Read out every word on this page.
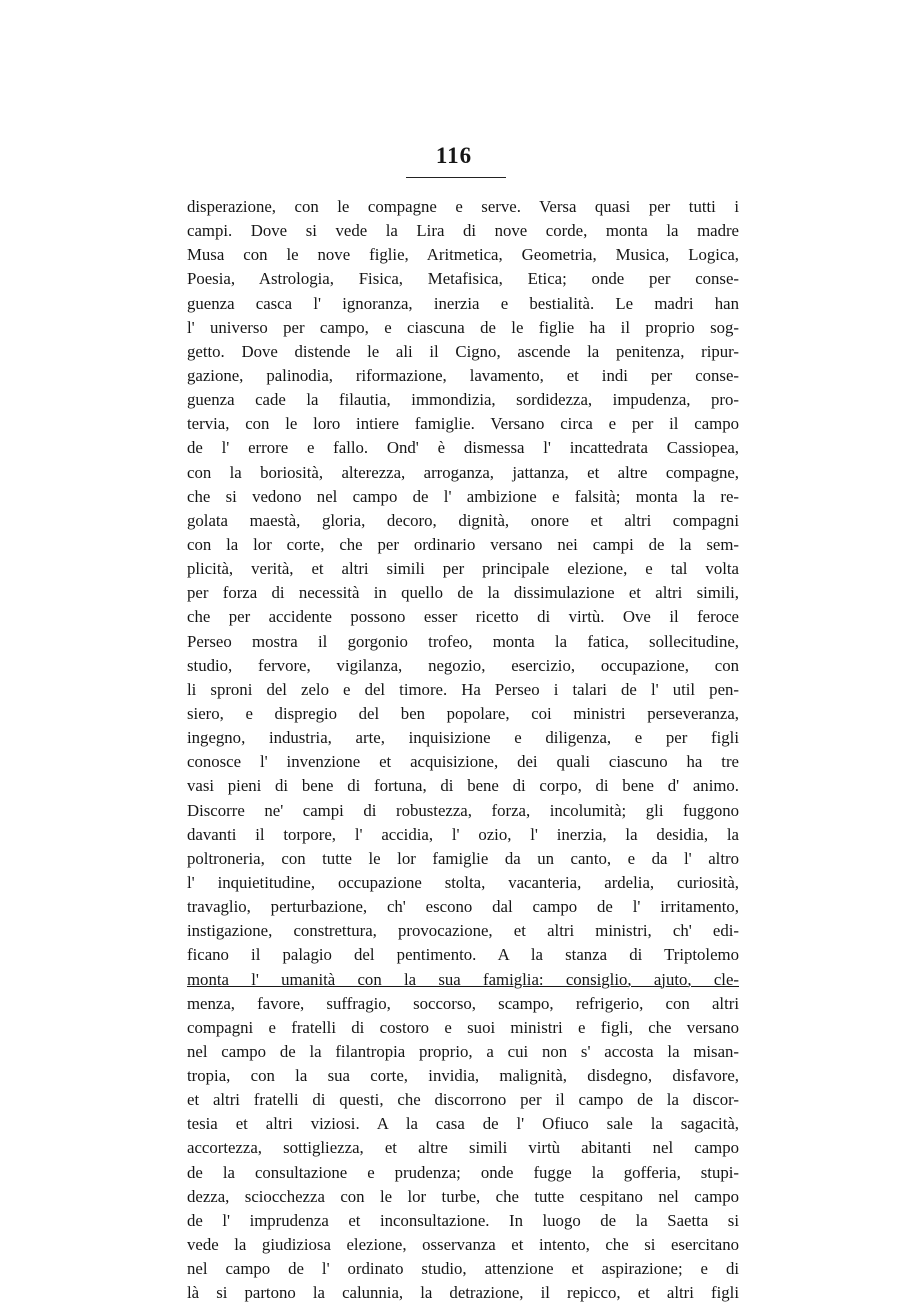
116
disperazione, con le compagne e serve. Versa quasi per tutti i
campi. Dove si vede la Lira di nove corde, monta la madre
Musa con le nove figlie, Aritmetica, Geometria, Musica, Logica,
Poesia, Astrologia, Fisica, Metafisica, Etica; onde per conse-
guenza casca l' ignoranza, inerzia e bestialità. Le madri han
l' universo per campo, e ciascuna de le figlie ha il proprio sog-
getto. Dove distende le ali il Cigno, ascende la penitenza, ripur-
gazione, palinodia, riformazione, lavamento, et indi per conse-
guenza cade la filautia, immondizia, sordidezza, impudenza, pro-
tervia, con le loro intiere famiglie. Versano circa e per il campo
de l' errore e fallo. Ond' è dismessa l' incattedrata Cassiopea,
con la boriosità, alterezza, arroganza, jattanza, et altre compagne,
che si vedono nel campo de l' ambizione e falsità; monta la re-
golata maestà, gloria, decoro, dignità, onore et altri compagni
con la lor corte, che per ordinario versano nei campi de la sem-
plicità, verità, et altri simili per principale elezione, e tal volta
per forza di necessità in quello de la dissimulazione et altri simili,
che per accidente possono esser ricetto di virtù. Ove il feroce
Perseo mostra il gorgonio trofeo, monta la fatica, sollecitudine,
studio, fervore, vigilanza, negozio, esercizio, occupazione, con
li sproni del zelo e del timore. Ha Perseo i talari de l' util pen-
siero, e dispregio del ben popolare, coi ministri perseveranza,
ingegno, industria, arte, inquisizione e diligenza, e per figli
conosce l' invenzione et acquisizione, dei quali ciascuno ha tre
vasi pieni di bene di fortuna, di bene di corpo, di bene d' animo.
Discorre ne' campi di robustezza, forza, incolumità; gli fuggono
davanti il torpore, l' accidia, l' ozio, l' inerzia, la desidia, la
poltroneria, con tutte le lor famiglie da un canto, e da l' altro
l' inquietitudine, occupazione stolta, vacanteria, ardelia, curiosità,
travaglio, perturbazione, ch' escono dal campo de l' irritamento,
instigazione, constrettura, provocazione, et altri ministri, ch' edi-
ficano il palagio del pentimento. A la stanza di Triptolemo
monta l' umanità con la sua famiglia: consiglio, ajuto, cle-
menza, favore, suffragio, soccorso, scampo, refrigerio, con altri
compagni e fratelli di costoro e suoi ministri e figli, che versano
nel campo de la filantropia proprio, a cui non s' accosta la misan-
tropia, con la sua corte, invidia, malignità, disdegno, disfavore,
et altri fratelli di questi, che discorrono per il campo de la discor-
tesia et altri viziosi. A la casa de l' Ofiuco sale la sagacità,
accortezza, sottigliezza, et altre simili virtù abitanti nel campo
de la consultazione e prudenza; onde fugge la gofferia, stupi-
dezza, sciocchezza con le lor turbe, che tutte cespitano nel campo
de l' imprudenza et inconsultazione. In luogo de la Saetta si
vede la giudiziosa elezione, osservanza et intento, che si esercitano
nel campo de l' ordinato studio, attenzione et aspirazione; e di
là si partono la calunnia, la detrazione, il repicco, et altri figli
